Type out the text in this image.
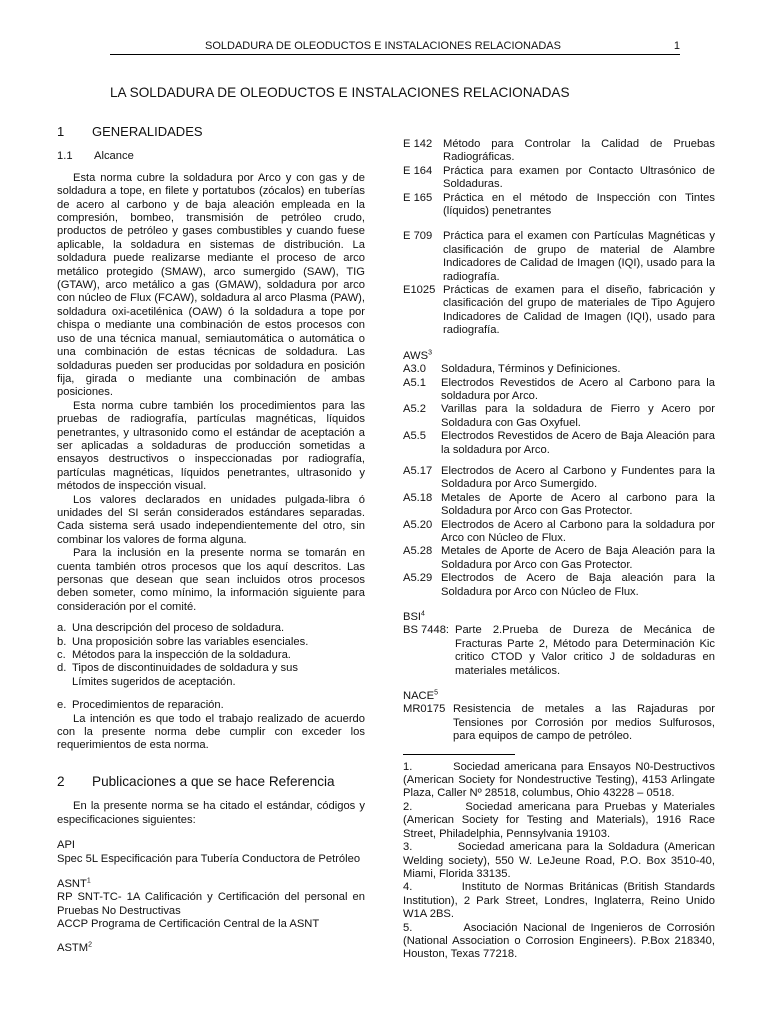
SOLDADURA DE OLEODUCTOS E INSTALACIONES RELACIONADAS	1
LA SOLDADURA DE OLEODUCTOS E INSTALACIONES RELACIONADAS
1 GENERALIDADES
1.1 Alcance

Esta norma cubre la soldadura por Arco y con gas y de soldadura a tope, en filete y portatubos (zócalos) en tuberías de acero al carbono y de baja aleación empleada en la compresión, bombeo, transmisión de petróleo crudo, productos de petróleo y gases combustibles y cuando fuese aplicable, la soldadura en sistemas de distribución. La soldadura puede realizarse mediante el proceso de arco metálico protegido (SMAW), arco sumergido (SAW), TIG (GTAW), arco metálico a gas (GMAW), soldadura por arco con núcleo de Flux (FCAW), soldadura al arco Plasma (PAW), soldadura oxi-acetilénica (OAW) ó la soldadura a tope por chispa o mediante una combinación de estos procesos con uso de una técnica manual, semiautomática o automática o una combinación de estas técnicas de soldadura. Las soldaduras pueden ser producidas por soldadura en posición fija, girada o mediante una combinación de ambas posiciones.

Esta norma cubre también los procedimientos para las pruebas de radiografía, partículas magnéticas, líquidos penetrantes, y ultrasonido como el estándar de aceptación a ser aplicadas a soldaduras de producción sometidas a ensayos destructivos o inspeccionadas por radiografía, partículas magnéticas, líquidos penetrantes, ultrasonido y métodos de inspección visual.

Los valores declarados en unidades pulgada-libra ó unidades del SI serán considerados estándares separadas. Cada sistema será usado independientemente del otro, sin combinar los valores de forma alguna.

Para la inclusión en la presente norma se tomarán en cuenta también otros procesos que los aquí descritos. Las personas que desean que sean incluidos otros procesos deben someter, como mínimo, la información siguiente para consideración por el comité.

a. Una descripción del proceso de soldadura.
b. Una proposición sobre las variables esenciales.
c. Métodos para la inspección de la soldadura.
d. Tipos de discontinuidades de soldadura y sus Límites sugeridos de aceptación.
e. Procedimientos de reparación.

La intención es que todo el trabajo realizado de acuerdo con la presente norma debe cumplir con exceder los requerimientos de esta norma.

2 Publicaciones a que se hace Referencia

En la presente norma se ha citado el estándar, códigos y especificaciones siguientes:

API

Spec 5L Especificación para Tubería Conductora de Petróleo

ASNT$^1$

RP SNT-TC- 1A Calificación y Certificación del personal en Pruebas No Destructivas

ACCP Programa de Certificación Central de la ASNT

ASTM$^2$
E 142 Método para Controlar la Calidad de Pruebas Radiográficas.
E 164 Práctica para examen por Contacto Ultrasónico de Soldaduras.
E 165 Práctica en el método de Inspección con Tintes (líquidos) penetrantes
E 709 Práctica para el examen con Partículas Magnéticas y clasificación de grupo de material de Alambre Indicadores de Calidad de Imagen (IQI), usado para la radiografía.
E1025 Prácticas de examen para el diseño, fabricación y clasificación del grupo de materiales de Tipo Agujero Indicadores de Calidad de Imagen (IQI), usado para radiografía.
AWS$^3$
A3.0	Soldadura, Términos y Definiciones.
A5.1	Electrodos Revestidos de Acero al Carbono para la soldadura por Arco.
A5.2	Varillas para la soldadura de Fierro y Acero por Soldadura con Gas Oxyfuel.
A5.5	Electrodos Revestidos de Acero de Baja Aleación para la soldadura por Arco.
A5.17 Electrodos de Acero al Carbono y Fundentes para la Soldadura por Arco Sumergido.
A5.18 Metales de Aporte de Acero al carbono para la Soldadura por Arco con Gas Protector.
A5.20 Electrodos de Acero al Carbono para la soldadura por Arco con Núcleo de Flux.
A5.28 Metales de Aporte de Acero de Baja Aleación para la Soldadura por Arco con Gas Protector.
A5.29 Electrodos de Acero de Baja aleación para la Soldadura por Arco con Núcleo de Flux.
BSI$^4$
BS 7448: Parte 2.Prueba de Dureza de Mecánica de Fracturas Parte 2, Método para Determinación Kic critico CTOD y Valor critico J de soldaduras en materiales metálicos.
NACE$^5$
MR0175 Resistencia de metales a las Rajaduras por Tensiones por Corrosión por medios Sulfurosos, para equipos de campo de petróleo.

1.	Sociedad americana para Ensayos N0-Destructivos (American Society for Nondestructive Testing), 4153 Arlingate Plaza, Caller Nº 28518, columbus, Ohio 43228 – 0518.

2.	Sociedad americana para Pruebas y Materiales (American Society for Testing and Materials), 1916 Race Street, Philadelphia, Pennsylvania 19103.

3.	Sociedad americana para la Soldadura (American Welding society), 550 W. LeJeune Road, P.O. Box 3510-40, Miami, Florida 33135.

4.	Instituto de Normas Británicas (British Standards Institution), 2 Park Street, Londres, Inglaterra, Reino Unido W1A 2BS.

5.	Asociación Nacional de Ingenieros de Corrosión (National Association o Corrosion Engineers). P.Box 218340, Houston, Texas 77218.
